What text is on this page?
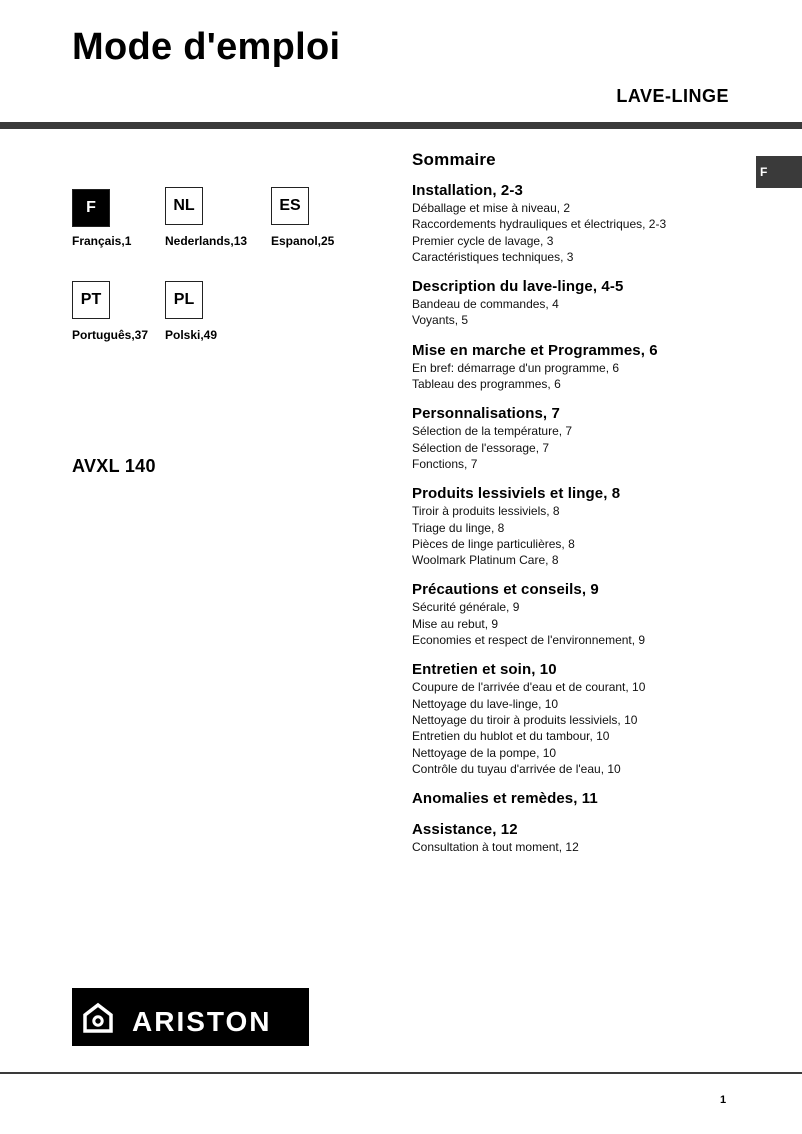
Mode d'emploi
LAVE-LINGE
F
F	NL	ES
PT	PL
Français,1	Nederlands,13 Espanol,25
Português,37 Polski,49
AVXL 140
Sommaire
Installation, 2-3
Déballage et mise à niveau, 2
Raccordements hydrauliques et électriques, 2-3
Premier cycle de lavage, 3
Caractéristiques techniques, 3
Description du lave-linge, 4-5
Bandeau de commandes, 4
Voyants, 5
Mise en marche et Programmes, 6
En bref: démarrage d'un programme, 6
Tableau des programmes, 6
Personnalisations, 7
Sélection de la température, 7
Sélection de l'essorage, 7
Fonctions, 7
Produits lessiviels et linge, 8
Tiroir à produits lessiviels, 8
Triage du linge, 8
Pièces de linge particulières, 8
Woolmark Platinum Care, 8
Précautions et conseils, 9
Sécurité générale, 9
Mise au rebut, 9
Economies et respect de l'environnement, 9
Entretien et soin, 10
Coupure de l'arrivée d'eau et de courant, 10
Nettoyage du lave-linge, 10
Nettoyage du tiroir à produits lessiviels, 10
Entretien du hublot et du tambour, 10
Nettoyage de la pompe, 10
Contrôle du tuyau d'arrivée de l'eau, 10
Anomalies et remèdes, 11
Assistance, 12
Consultation à tout moment, 12
ARISTON
1
